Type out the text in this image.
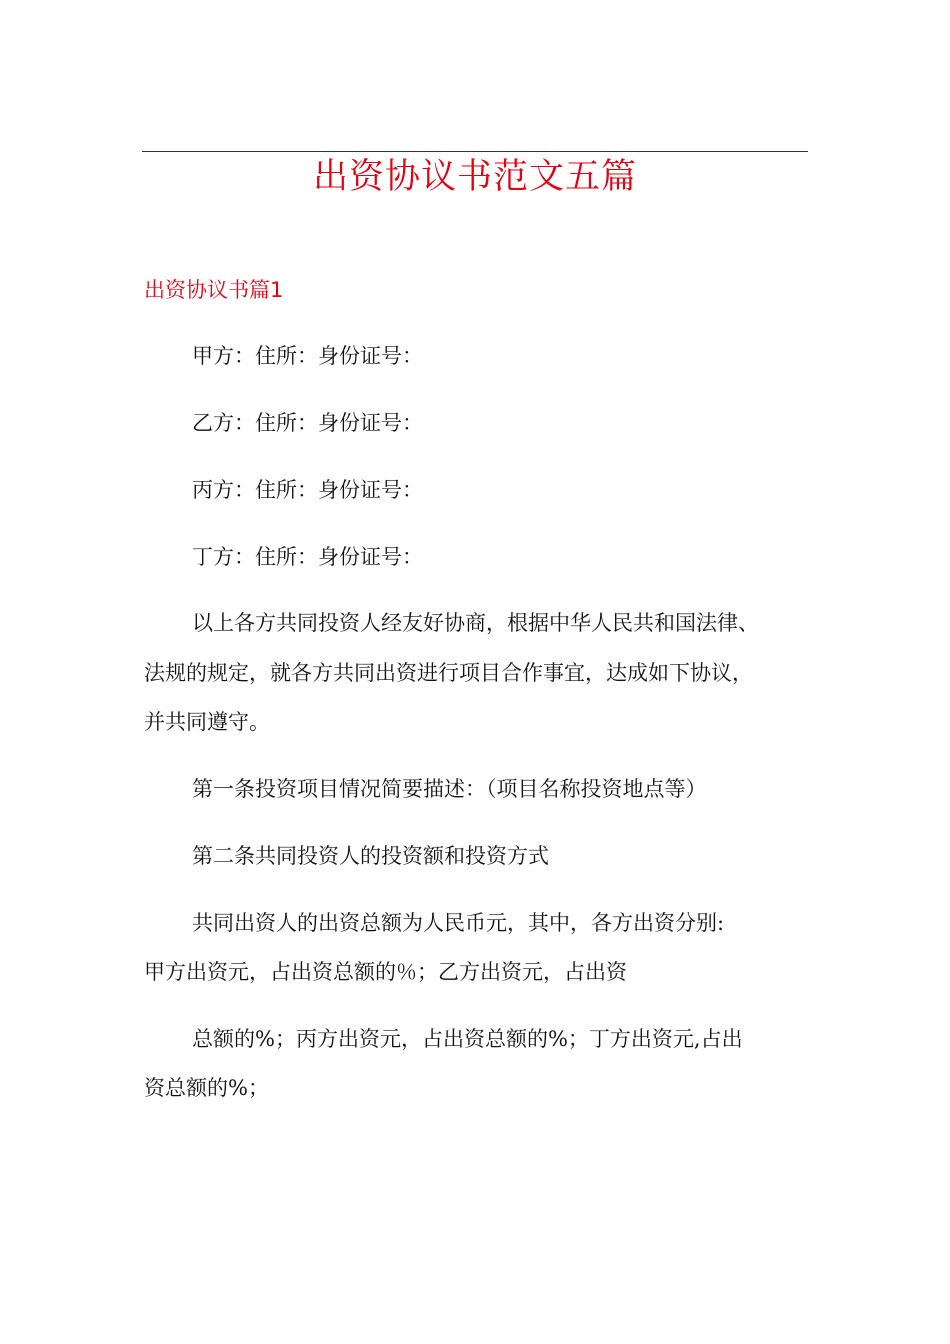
出资协议书范文五篇
出资协议书篇1
甲方：住所：身份证号：
乙方：住所：身份证号：
丙方：住所：身份证号：
丁方：住所：身份证号：
以上各方共同投资人经友好协商，根据中华人民共和国法律、
法规的规定，就各方共同出资进行项目合作事宜，达成如下协议，
并共同遵守。
第一条投资项目情况简要描述：（项目名称投资地点等）
第二条共同投资人的投资额和投资方式
共同出资人的出资总额为人民币元，其中，各方出资分别:
甲方出资元，占出资总额的％；乙方出资元，占出资
总额的%；丙方出资元，占出资总额的%；丁方出资元,占出
资总额的%；
